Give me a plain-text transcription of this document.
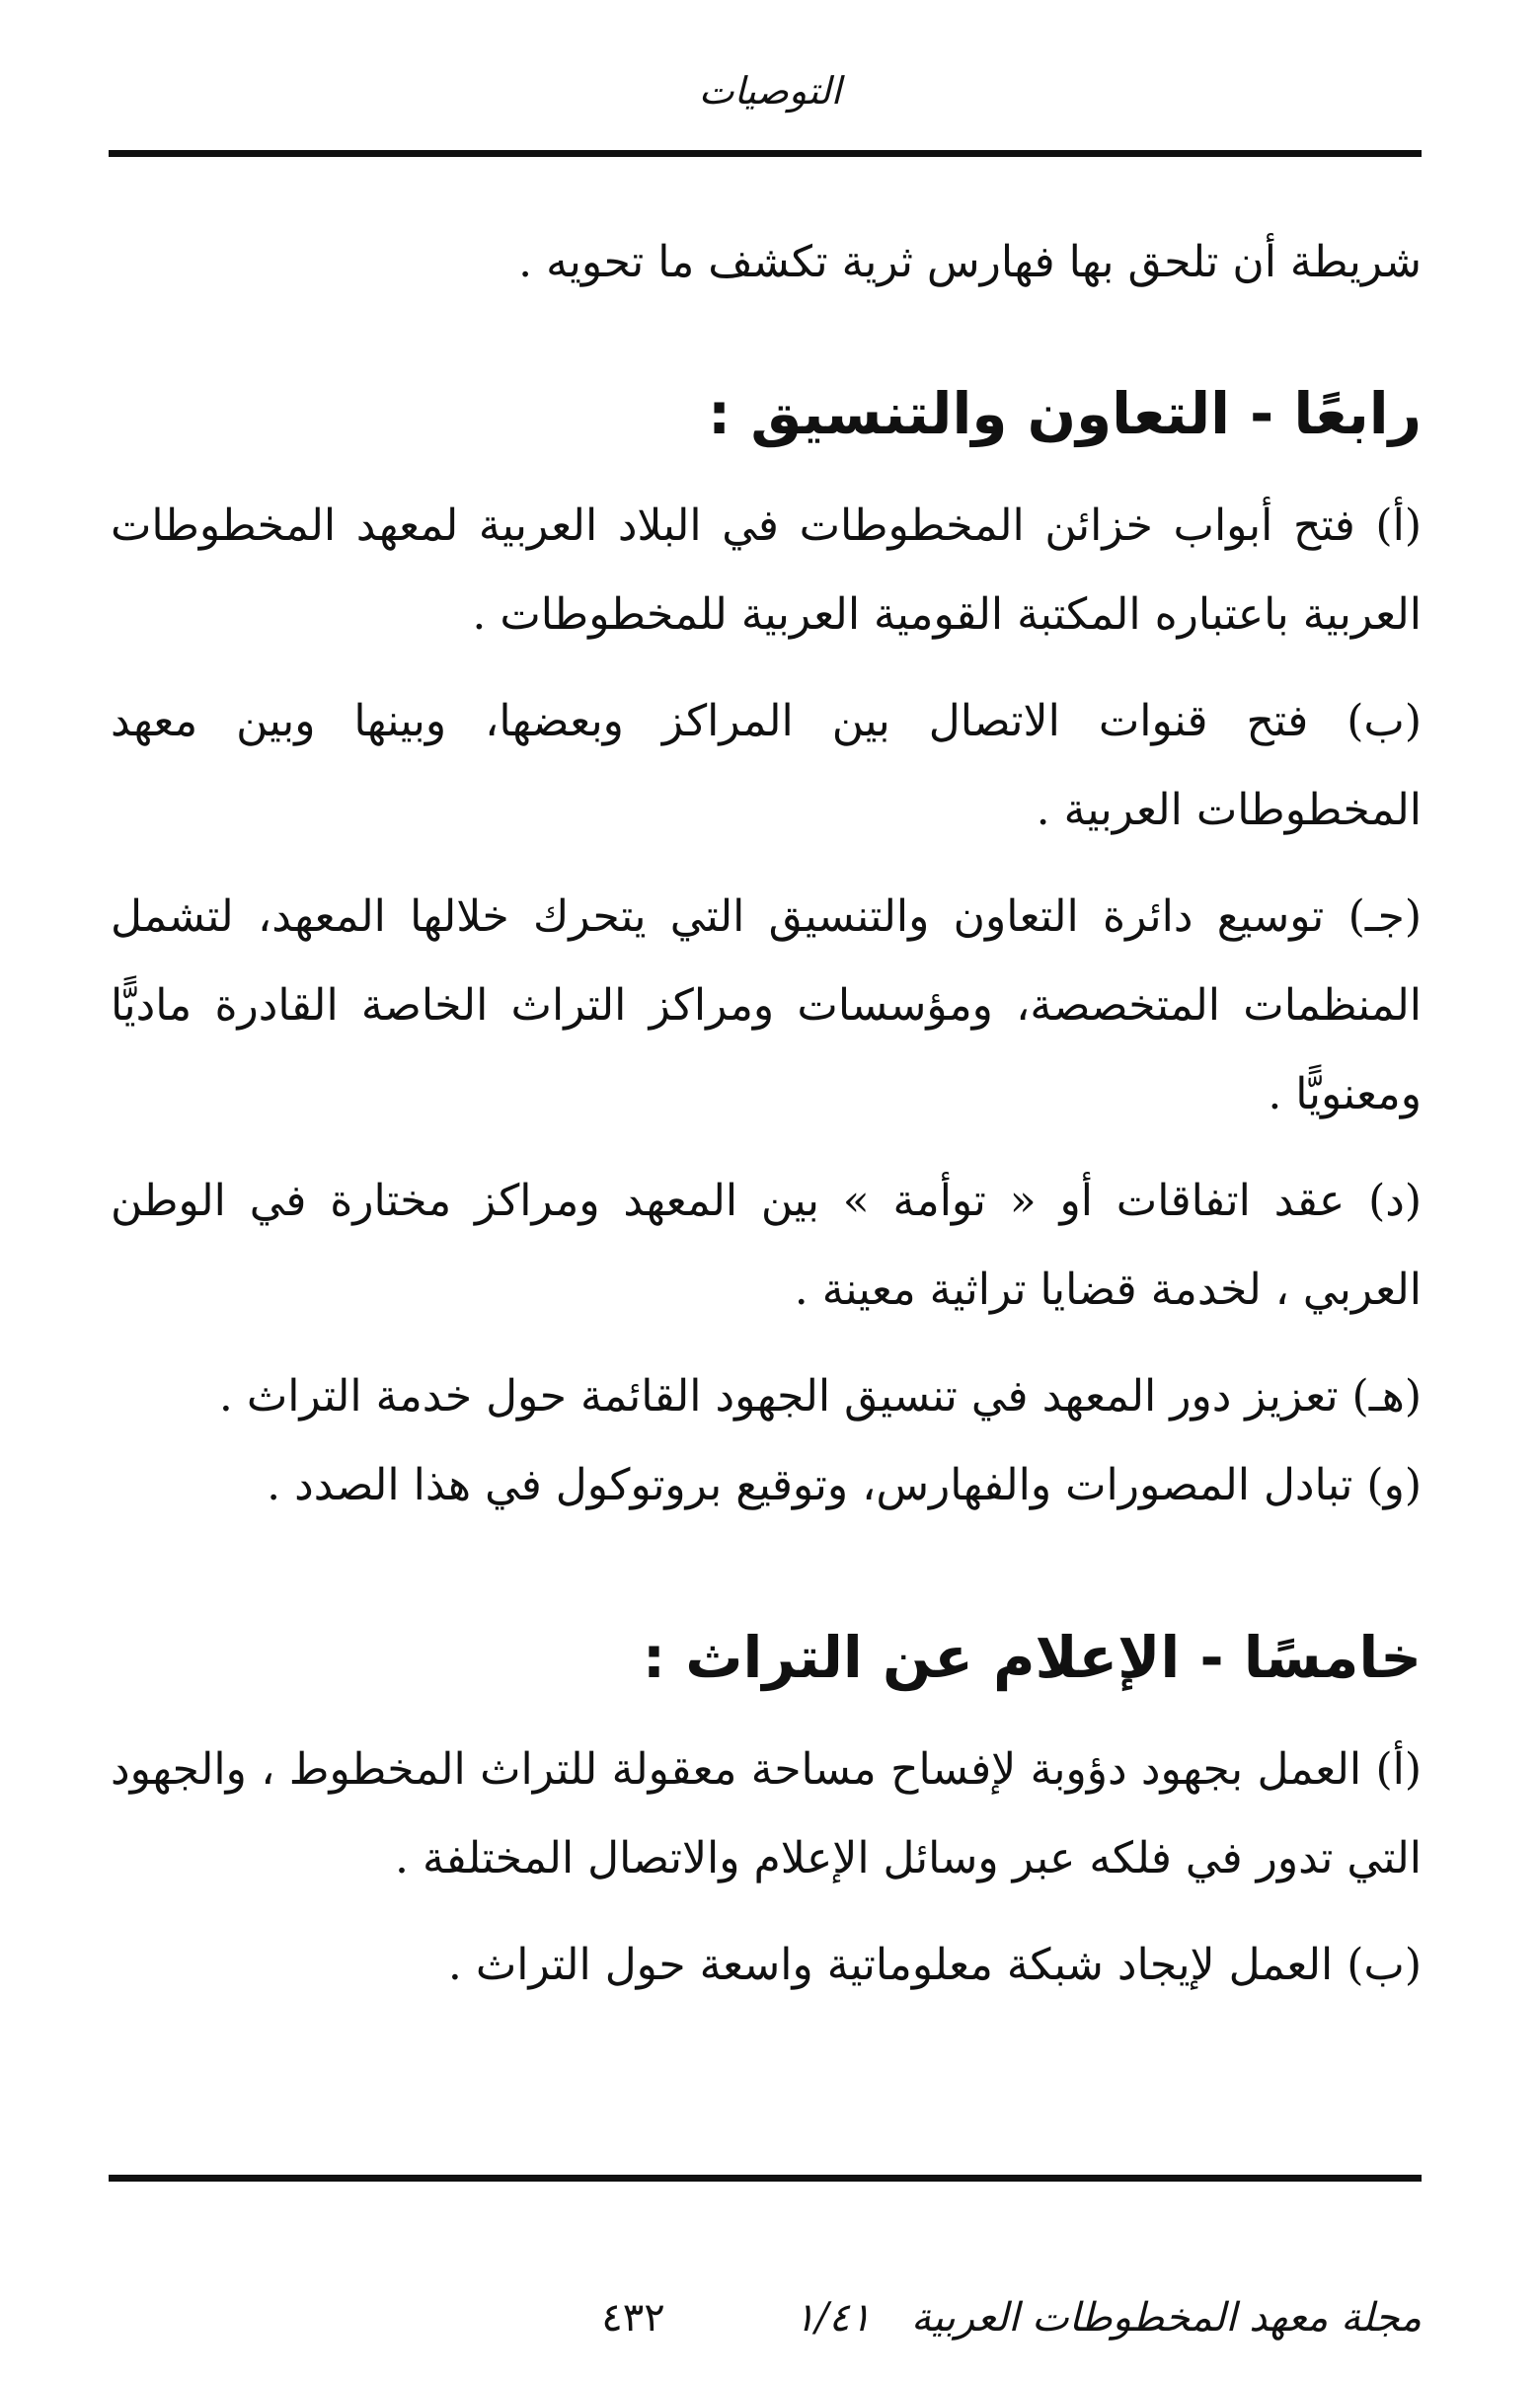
التوصيات

شريطة أن تلحق بها فهارس ثرية تكشف ما تحويه .

رابعًا - التعاون والتنسيق :

(أ) فتح أبواب خزائن المخطوطات في البلاد العربية لمعهد المخطوطات العربية باعتباره المكتبة القومية العربية للمخطوطات .

(ب) فتح قنوات الاتصال بين المراكز وبعضها، وبينها وبين معهد المخطوطات العربية .

(جـ) توسيع دائرة التعاون والتنسيق التي يتحرك خلالها المعهد، لتشمل المنظمات المتخصصة، ومؤسسات ومراكز التراث الخاصة القادرة ماديًّا ومعنويًّا .

(د) عقد اتفاقات أو « توأمة » بين المعهد ومراكز مختارة في الوطن العربي ، لخدمة قضايا تراثية معينة .

(هـ) تعزيز دور المعهد في تنسيق الجهود القائمة حول خدمة التراث .

(و) تبادل المصورات والفهارس، وتوقيع بروتوكول في هذا الصدد .

خامسًا - الإعلام عن التراث :

(أ) العمل بجهود دؤوبة لإفساح مساحة معقولة للتراث المخطوط ، والجهود التي تدور في فلكه عبر وسائل الإعلام والاتصال المختلفة .

(ب) العمل لإيجاد شبكة معلوماتية واسعة حول التراث .

مجلة معهد المخطوطات العربية ١/٤١ ٤٣٢
